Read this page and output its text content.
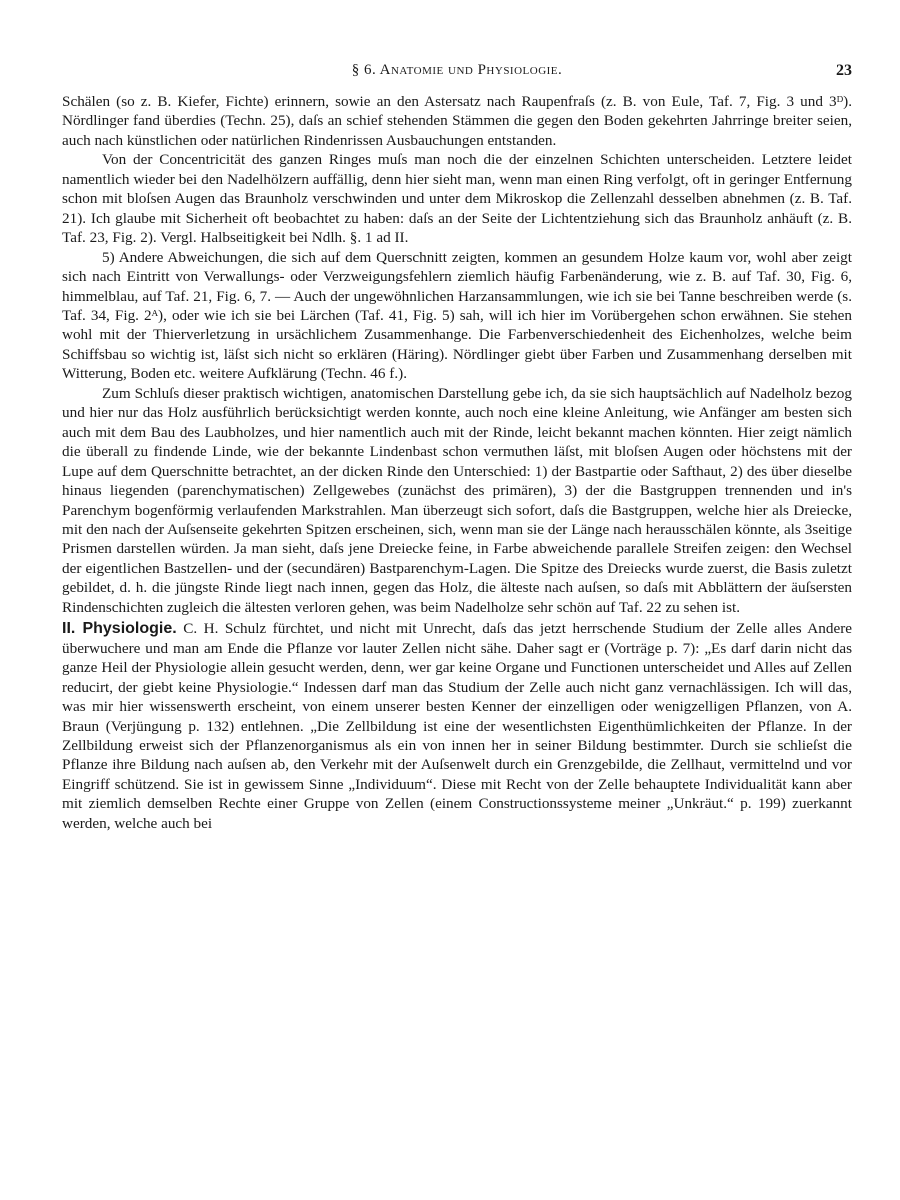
§ 6. Anatomie und Physiologie.	23

Schälen (so z. B. Kiefer, Fichte) erinnern, sowie an den Astersatz nach Raupenfraſs (z. B. von Eule, Taf. 7, Fig. 3 und 3ᴰ). Nördlinger fand überdies (Techn. 25), daſs an schief stehenden Stämmen die gegen den Boden gekehrten Jahrringe breiter seien, auch nach künstlichen oder natürlichen Rindenrissen Ausbauchungen entstanden.

Von der Concentricität des ganzen Ringes muſs man noch die der einzelnen Schichten unterscheiden. Letztere leidet namentlich wieder bei den Nadelhölzern auffällig, denn hier sieht man, wenn man einen Ring verfolgt, oft in geringer Entfernung schon mit bloſsen Augen das Braunholz verschwinden und unter dem Mikroskop die Zellenzahl desselben abnehmen (z. B. Taf. 21). Ich glaube mit Sicherheit oft beobachtet zu haben: daſs an der Seite der Lichtentziehung sich das Braunholz anhäuft (z. B. Taf. 23, Fig. 2). Vergl. Halbseitigkeit bei Ndlh. §. 1 ad II.

5) Andere Abweichungen, die sich auf dem Querschnitt zeigten, kommen an gesundem Holze kaum vor, wohl aber zeigt sich nach Eintritt von Verwallungs- oder Verzweigungsfehlern ziemlich häufig Farbenänderung, wie z. B. auf Taf. 30, Fig. 6, himmelblau, auf Taf. 21, Fig. 6, 7. — Auch der ungewöhnlichen Harzansammlungen, wie ich sie bei Tanne beschreiben werde (s. Taf. 34, Fig. 2ᴬ), oder wie ich sie bei Lärchen (Taf. 41, Fig. 5) sah, will ich hier im Vorübergehen schon erwähnen. Sie stehen wohl mit der Thierverletzung in ursächlichem Zusammenhange. Die Farbenverschiedenheit des Eichenholzes, welche beim Schiffsbau so wichtig ist, läſst sich nicht so erklären (Häring). Nördlinger giebt über Farben und Zusammenhang derselben mit Witterung, Boden etc. weitere Aufklärung (Techn. 46 f.).

Zum Schluſs dieser praktisch wichtigen, anatomischen Darstellung gebe ich, da sie sich hauptsächlich auf Nadelholz bezog und hier nur das Holz ausführlich berücksichtigt werden konnte, auch noch eine kleine Anleitung, wie Anfänger am besten sich auch mit dem Bau des Laubholzes, und hier namentlich auch mit der Rinde, leicht bekannt machen könnten. Hier zeigt nämlich die überall zu findende Linde, wie der bekannte Lindenbast schon vermuthen läſst, mit bloſsen Augen oder höchstens mit der Lupe auf dem Querschnitte betrachtet, an der dicken Rinde den Unterschied: 1) der Bastpartie oder Safthaut, 2) des über dieselbe hinaus liegenden (parenchymatischen) Zellgewebes (zunächst des primären), 3) der die Bastgruppen trennenden und in's Parenchym bogenförmig verlaufenden Markstrahlen. Man überzeugt sich sofort, daſs die Bastgruppen, welche hier als Dreiecke, mit den nach der Auſsenseite gekehrten Spitzen erscheinen, sich, wenn man sie der Länge nach herausschälen könnte, als 3seitige Prismen darstellen würden. Ja man sieht, daſs jene Dreiecke feine, in Farbe abweichende parallele Streifen zeigen: den Wechsel der eigentlichen Bastzellen- und der (secundären) Bastparenchym-Lagen. Die Spitze des Dreiecks wurde zuerst, die Basis zuletzt gebildet, d. h. die jüngste Rinde liegt nach innen, gegen das Holz, die älteste nach auſsen, so daſs mit Abblättern der äuſsersten Rindenschichten zugleich die ältesten verloren gehen, was beim Nadelholze sehr schön auf Taf. 22 zu sehen ist.

II. Physiologie. C. H. Schulz fürchtet, und nicht mit Unrecht, daſs das jetzt herrschende Studium der Zelle alles Andere überwuchere und man am Ende die Pflanze vor lauter Zellen nicht sähe. Daher sagt er (Vorträge p. 7): „Es darf darin nicht das ganze Heil der Physiologie allein gesucht werden, denn, wer gar keine Organe und Functionen unterscheidet und Alles auf Zellen reducirt, der giebt keine Physiologie.“ Indessen darf man das Studium der Zelle auch nicht ganz vernachlässigen. Ich will das, was mir hier wissenswerth erscheint, von einem unserer besten Kenner der einzelligen oder wenigzelligen Pflanzen, von A. Braun (Verjüngung p. 132) entlehnen. „Die Zellbildung ist eine der wesentlichsten Eigenthümlichkeiten der Pflanze. In der Zellbildung erweist sich der Pflanzenorganismus als ein von innen her in seiner Bildung bestimmter. Durch sie schlieſst die Pflanze ihre Bildung nach auſsen ab, den Verkehr mit der Auſsenwelt durch ein Grenzgebilde, die Zellhaut, vermittelnd und vor Eingriff schützend. Sie ist in gewissem Sinne „Individuum“. Diese mit Recht von der Zelle behauptete Individualität kann aber mit ziemlich demselben Rechte einer Gruppe von Zellen (einem Constructionssysteme meiner „Unkräut.“ p. 199) zuerkannt werden, welche auch bei
